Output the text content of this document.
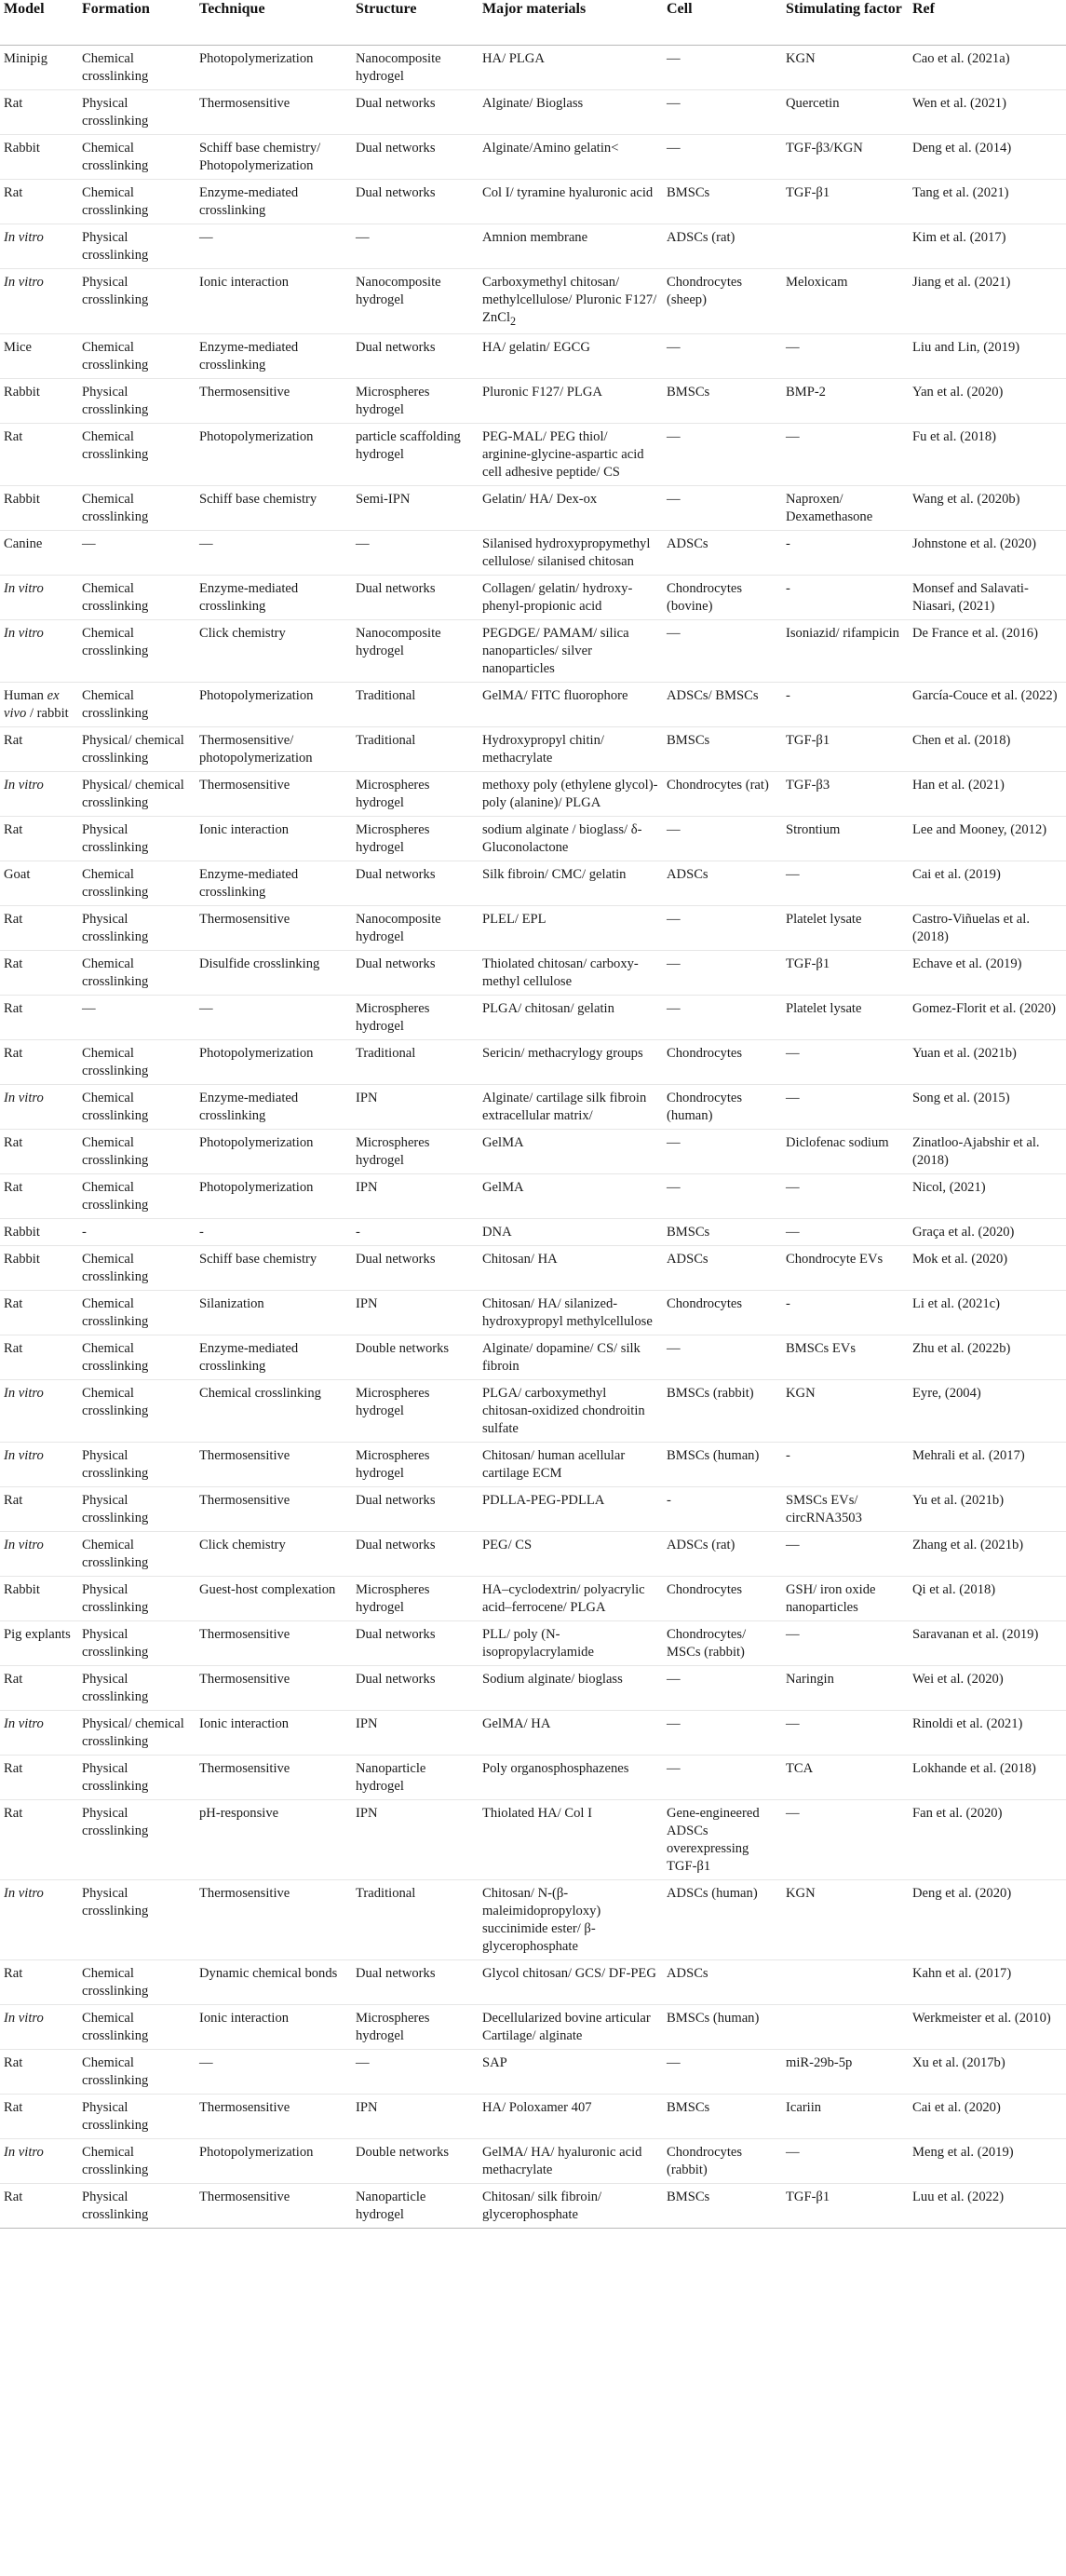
Model	Formation	Technique	Structure	Major materials	Cell	Stimulating factor	Ref
Minipig	Chemical crosslinking	Photopolymerization	Nanocomposite hydrogel	HA/ PLGA	—	KGN	Cao et al. (2021a)
Rat	Physical crosslinking	Thermosensitive	Dual networks	Alginate/ Bioglass	—	Quercetin	Wen et al. (2021)
Rabbit	Chemical crosslinking	Schiff base chemistry/ Photopolymerization	Dual networks	Alginate/Amino gelatin<	—	TGF-β3/KGN	Deng et al. (2014)
Rat	Chemical crosslinking	Enzyme-mediated crosslinking	Dual networks	Col I/ tyramine hyaluronic acid	BMSCs	TGF-β1	Tang et al. (2021)
In vitro	Physical crosslinking	—	—	Amnion membrane	ADSCs (rat)		Kim et al. (2017)
In vitro	Physical crosslinking	Ionic interaction	Nanocomposite hydrogel	Carboxymethyl chitosan/ methylcellulose/ Pluronic F127/ ZnCl$_2$	Chondrocytes (sheep)	Meloxicam	Jiang et al. (2021)
Mice	Chemical crosslinking	Enzyme-mediated crosslinking	Dual networks	HA/ gelatin/ EGCG	—	—	Liu and Lin, (2019)
Rabbit	Physical crosslinking	Thermosensitive	Microspheres hydrogel	Pluronic F127/ PLGA	BMSCs	BMP-2	Yan et al. (2020)
Rat	Chemical crosslinking	Photopolymerization	particle scaffolding hydrogel	PEG-MAL/ PEG thiol/ arginine-glycine-aspartic acid cell adhesive peptide/ CS	—	—	Fu et al. (2018)
Rabbit	Chemical crosslinking	Schiff base chemistry	Semi-IPN	Gelatin/ HA/ Dex-ox	—	Naproxen/ Dexamethasone	Wang et al. (2020b)
Canine	—	—	—	Silanised hydroxypropymethyl cellulose/ silanised chitosan	ADSCs	-	Johnstone et al. (2020)
In vitro	Chemical crosslinking	Enzyme-mediated crosslinking	Dual networks	Collagen/ gelatin/ hydroxy-phenyl-propionic acid	Chondrocytes (bovine)	-	Monsef and Salavati-Niasari, (2021)
In vitro	Chemical crosslinking	Click chemistry	Nanocomposite hydrogel	PEGDGE/ PAMAM/ silica nanoparticles/ silver nanoparticles	—	Isoniazid/ rifampicin	De France et al. (2016)
Human ex vivo / rabbit	Chemical crosslinking	Photopolymerization	Traditional	GelMA/ FITC fluorophore	ADSCs/ BMSCs	-	García-Couce et al. (2022)
Rat	Physical/ chemical crosslinking	Thermosensitive/ photopolymerization	Traditional	Hydroxypropyl chitin/ methacrylate	BMSCs	TGF-β1	Chen et al. (2018)
In vitro	Physical/ chemical crosslinking	Thermosensitive	Microspheres hydrogel	methoxy poly (ethylene glycol)-poly (alanine)/ PLGA	Chondrocytes (rat)	TGF-β3	Han et al. (2021)
Rat	Physical crosslinking	Ionic interaction	Microspheres hydrogel	sodium alginate / bioglass/ δ-Gluconolactone	—	Strontium	Lee and Mooney, (2012)
Goat	Chemical crosslinking	Enzyme-mediated crosslinking	Dual networks	Silk fibroin/ CMC/ gelatin	ADSCs	—	Cai et al. (2019)
Rat	Physical crosslinking	Thermosensitive	Nanocomposite hydrogel	PLEL/ EPL	—	Platelet lysate	Castro-Viñuelas et al. (2018)
Rat	Chemical crosslinking	Disulfide crosslinking	Dual networks	Thiolated chitosan/ carboxy-methyl cellulose	—	TGF-β1	Echave et al. (2019)
Rat	—	—	Microspheres hydrogel	PLGA/ chitosan/ gelatin	—	Platelet lysate	Gomez-Florit et al. (2020)
Rat	Chemical crosslinking	Photopolymerization	Traditional	Sericin/ methacrylogy groups	Chondrocytes	—	Yuan et al. (2021b)
In vitro	Chemical crosslinking	Enzyme-mediated crosslinking	IPN	Alginate/ cartilage silk fibroin extracellular matrix/	Chondrocytes (human)	—	Song et al. (2015)
Rat	Chemical crosslinking	Photopolymerization	Microspheres hydrogel	GelMA	—	Diclofenac sodium	Zinatloo-Ajabshir et al. (2018)
Rat	Chemical crosslinking	Photopolymerization	IPN	GelMA	—	—	Nicol, (2021)
Rabbit	-	-	-	DNA	BMSCs	—	Graça et al. (2020)
Rabbit	Chemical crosslinking	Schiff base chemistry	Dual networks	Chitosan/ HA	ADSCs	Chondrocyte EVs	Mok et al. (2020)
Rat	Chemical crosslinking	Silanization	IPN	Chitosan/ HA/ silanized-hydroxypropyl methylcellulose	Chondrocytes	-	Li et al. (2021c)
Rat	Chemical crosslinking	Enzyme-mediated crosslinking	Double networks	Alginate/ dopamine/ CS/ silk fibroin	—	BMSCs EVs	Zhu et al. (2022b)
In vitro	Chemical crosslinking	Chemical crosslinking	Microspheres hydrogel	PLGA/ carboxymethyl chitosan-oxidized chondroitin sulfate	BMSCs (rabbit)	KGN	Eyre, (2004)
In vitro	Physical crosslinking	Thermosensitive	Microspheres hydrogel	Chitosan/ human acellular cartilage ECM	BMSCs (human)	-	Mehrali et al. (2017)
Rat	Physical crosslinking	Thermosensitive	Dual networks	PDLLA-PEG-PDLLA	-	SMSCs EVs/ circRNA3503	Yu et al. (2021b)
In vitro	Chemical crosslinking	Click chemistry	Dual networks	PEG/ CS	ADSCs (rat)	—	Zhang et al. (2021b)
Rabbit	Physical crosslinking	Guest-host complexation	Microspheres hydrogel	HA–cyclodextrin/ polyacrylic acid–ferrocene/ PLGA	Chondrocytes	GSH/ iron oxide nanoparticles	Qi et al. (2018)
Pig explants	Physical crosslinking	Thermosensitive	Dual networks	PLL/ poly (N-isopropylacrylamide	Chondrocytes/ MSCs (rabbit)	—	Saravanan et al. (2019)
Rat	Physical crosslinking	Thermosensitive	Dual networks	Sodium alginate/ bioglass	—	Naringin	Wei et al. (2020)
In vitro	Physical/ chemical crosslinking	Ionic interaction	IPN	GelMA/ HA	—	—	Rinoldi et al. (2021)
Rat	Physical crosslinking	Thermosensitive	Nanoparticle hydrogel	Poly organosphosphazenes	—	TCA	Lokhande et al. (2018)
Rat	Physical crosslinking	pH-responsive	IPN	Thiolated HA/ Col I	Gene-engineered ADSCs overexpressing TGF-β1	—	Fan et al. (2020)
In vitro	Physical crosslinking	Thermosensitive	Traditional	Chitosan/ N-(β-maleimidopropyloxy) succinimide ester/ β-glycerophosphate	ADSCs (human)	KGN	Deng et al. (2020)
Rat	Chemical crosslinking	Dynamic chemical bonds	Dual networks	Glycol chitosan/ GCS/ DF-PEG	ADSCs		Kahn et al. (2017)
In vitro	Chemical crosslinking	Ionic interaction	Microspheres hydrogel	Decellularized bovine articular Cartilage/ alginate	BMSCs (human)		Werkmeister et al. (2010)
Rat	Chemical crosslinking	—	—	SAP	—	miR-29b-5p	Xu et al. (2017b)
Rat	Physical crosslinking	Thermosensitive	IPN	HA/ Poloxamer 407	BMSCs	Icariin	Cai et al. (2020)
In vitro	Chemical crosslinking	Photopolymerization	Double networks	GelMA/ HA/ hyaluronic acid methacrylate	Chondrocytes (rabbit)	—	Meng et al. (2019)
Rat	Physical crosslinking	Thermosensitive	Nanoparticle hydrogel	Chitosan/ silk fibroin/ glycerophosphate	BMSCs	TGF-β1	Luu et al. (2022)
